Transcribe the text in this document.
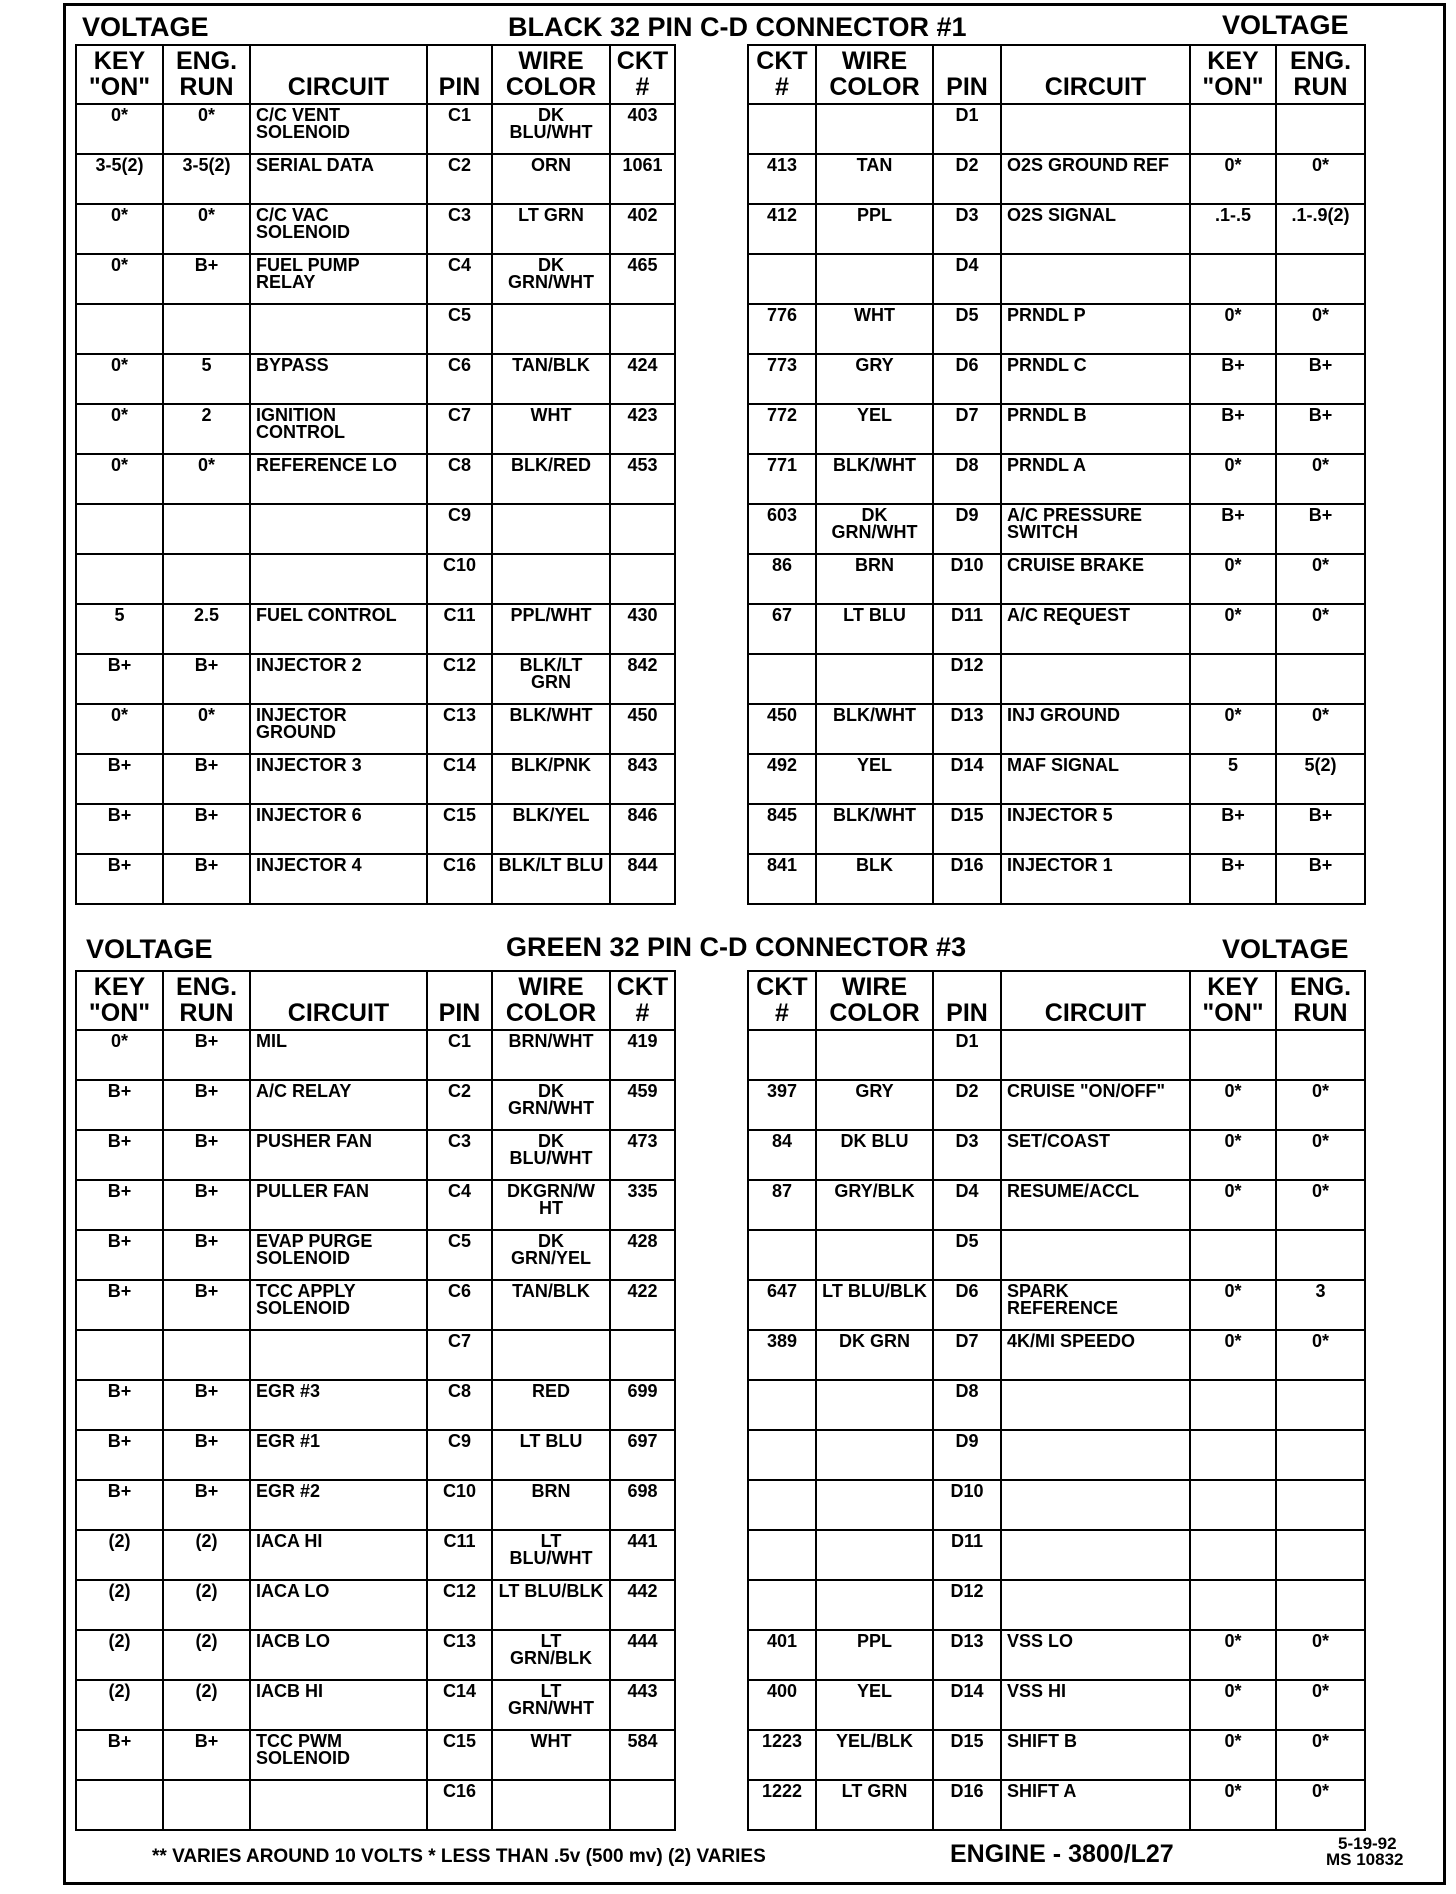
VOLTAGE	BLACK 32 PIN C-D CONNECTOR #1	VOLTAGE
VOLTAGE	GREEN 32 PIN C-D CONNECTOR #3	VOLTAGE
KEY "ON"	ENG. RUN	CIRCUIT	PIN	WIRE COLOR	CKT #
0*	0*	C/C VENT SOLENOID	C1	DK BLU/WHT	403
3-5(2)	3-5(2)	SERIAL DATA	C2	ORN	1061
0*	0*	C/C VAC SOLENOID	C3	LT GRN	402
0*	B+	FUEL PUMP RELAY	C4	DK GRN/WHT	465
			C5		
0*	5	BYPASS	C6	TAN/BLK	424
0*	2	IGNITION CONTROL	C7	WHT	423
0*	0*	REFERENCE LO	C8	BLK/RED	453
			C9		
			C10		
5	2.5	FUEL CONTROL	C11	PPL/WHT	430
B+	B+	INJECTOR 2	C12	BLK/LT GRN	842
0*	0*	INJECTOR GROUND	C13	BLK/WHT	450
B+	B+	INJECTOR 3	C14	BLK/PNK	843
B+	B+	INJECTOR 6	C15	BLK/YEL	846
B+	B+	INJECTOR 4	C16	BLK/LT BLU	844
CKT #	WIRE COLOR	PIN	CIRCUIT	KEY "ON"	ENG. RUN
		D1			
413	TAN	D2	O2S GROUND REF	0*	0*
412	PPL	D3	O2S SIGNAL	.1-.5	.1-.9(2)
		D4			
776	WHT	D5	PRNDL P	0*	0*
773	GRY	D6	PRNDL C	B+	B+
772	YEL	D7	PRNDL B	B+	B+
771	BLK/WHT	D8	PRNDL A	0*	0*
603	DK GRN/WHT	D9	A/C PRESSURE SWITCH	B+	B+
86	BRN	D10	CRUISE BRAKE	0*	0*
67	LT BLU	D11	A/C REQUEST	0*	0*
		D12			
450	BLK/WHT	D13	INJ GROUND	0*	0*
492	YEL	D14	MAF SIGNAL	5	5(2)
845	BLK/WHT	D15	INJECTOR 5	B+	B+
841	BLK	D16	INJECTOR 1	B+	B+
KEY "ON"	ENG. RUN	CIRCUIT	PIN	WIRE COLOR	CKT #
0*	B+	MIL	C1	BRN/WHT	419
B+	B+	A/C RELAY	C2	DK GRN/WHT	459
B+	B+	PUSHER FAN	C3	DK BLU/WHT	473
B+	B+	PULLER FAN	C4	DKGRN/W HT	335
B+	B+	EVAP PURGE SOLENOID	C5	DK GRN/YEL	428
B+	B+	TCC APPLY SOLENOID	C6	TAN/BLK	422
			C7		
B+	B+	EGR #3	C8	RED	699
B+	B+	EGR #1	C9	LT BLU	697
B+	B+	EGR #2	C10	BRN	698
(2)	(2)	IACA HI	C11	LT BLU/WHT	441
(2)	(2)	IACA LO	C12	LT BLU/BLK	442
(2)	(2)	IACB LO	C13	LT GRN/BLK	444
(2)	(2)	IACB HI	C14	LT GRN/WHT	443
B+	B+	TCC PWM SOLENOID	C15	WHT	584
			C16		
CKT #	WIRE COLOR	PIN	CIRCUIT	KEY "ON"	ENG. RUN
		D1			
397	GRY	D2	CRUISE "ON/OFF"	0*	0*
84	DK BLU	D3	SET/COAST	0*	0*
87	GRY/BLK	D4	RESUME/ACCL	0*	0*
		D5			
647	LT BLU/BLK	D6	SPARK REFERENCE	0*	3
389	DK GRN	D7	4K/MI SPEEDO	0*	0*
		D8			
		D9			
		D10			
		D11			
		D12			
401	PPL	D13	VSS LO	0*	0*
400	YEL	D14	VSS HI	0*	0*
1223	YEL/BLK	D15	SHIFT B	0*	0*
1222	LT GRN	D16	SHIFT A	0*	0*
** VARIES AROUND 10 VOLTS * LESS THAN .5v (500 mv) (2) VARIES	ENGINE - 3800/L27	5-19-92
MS 10832
